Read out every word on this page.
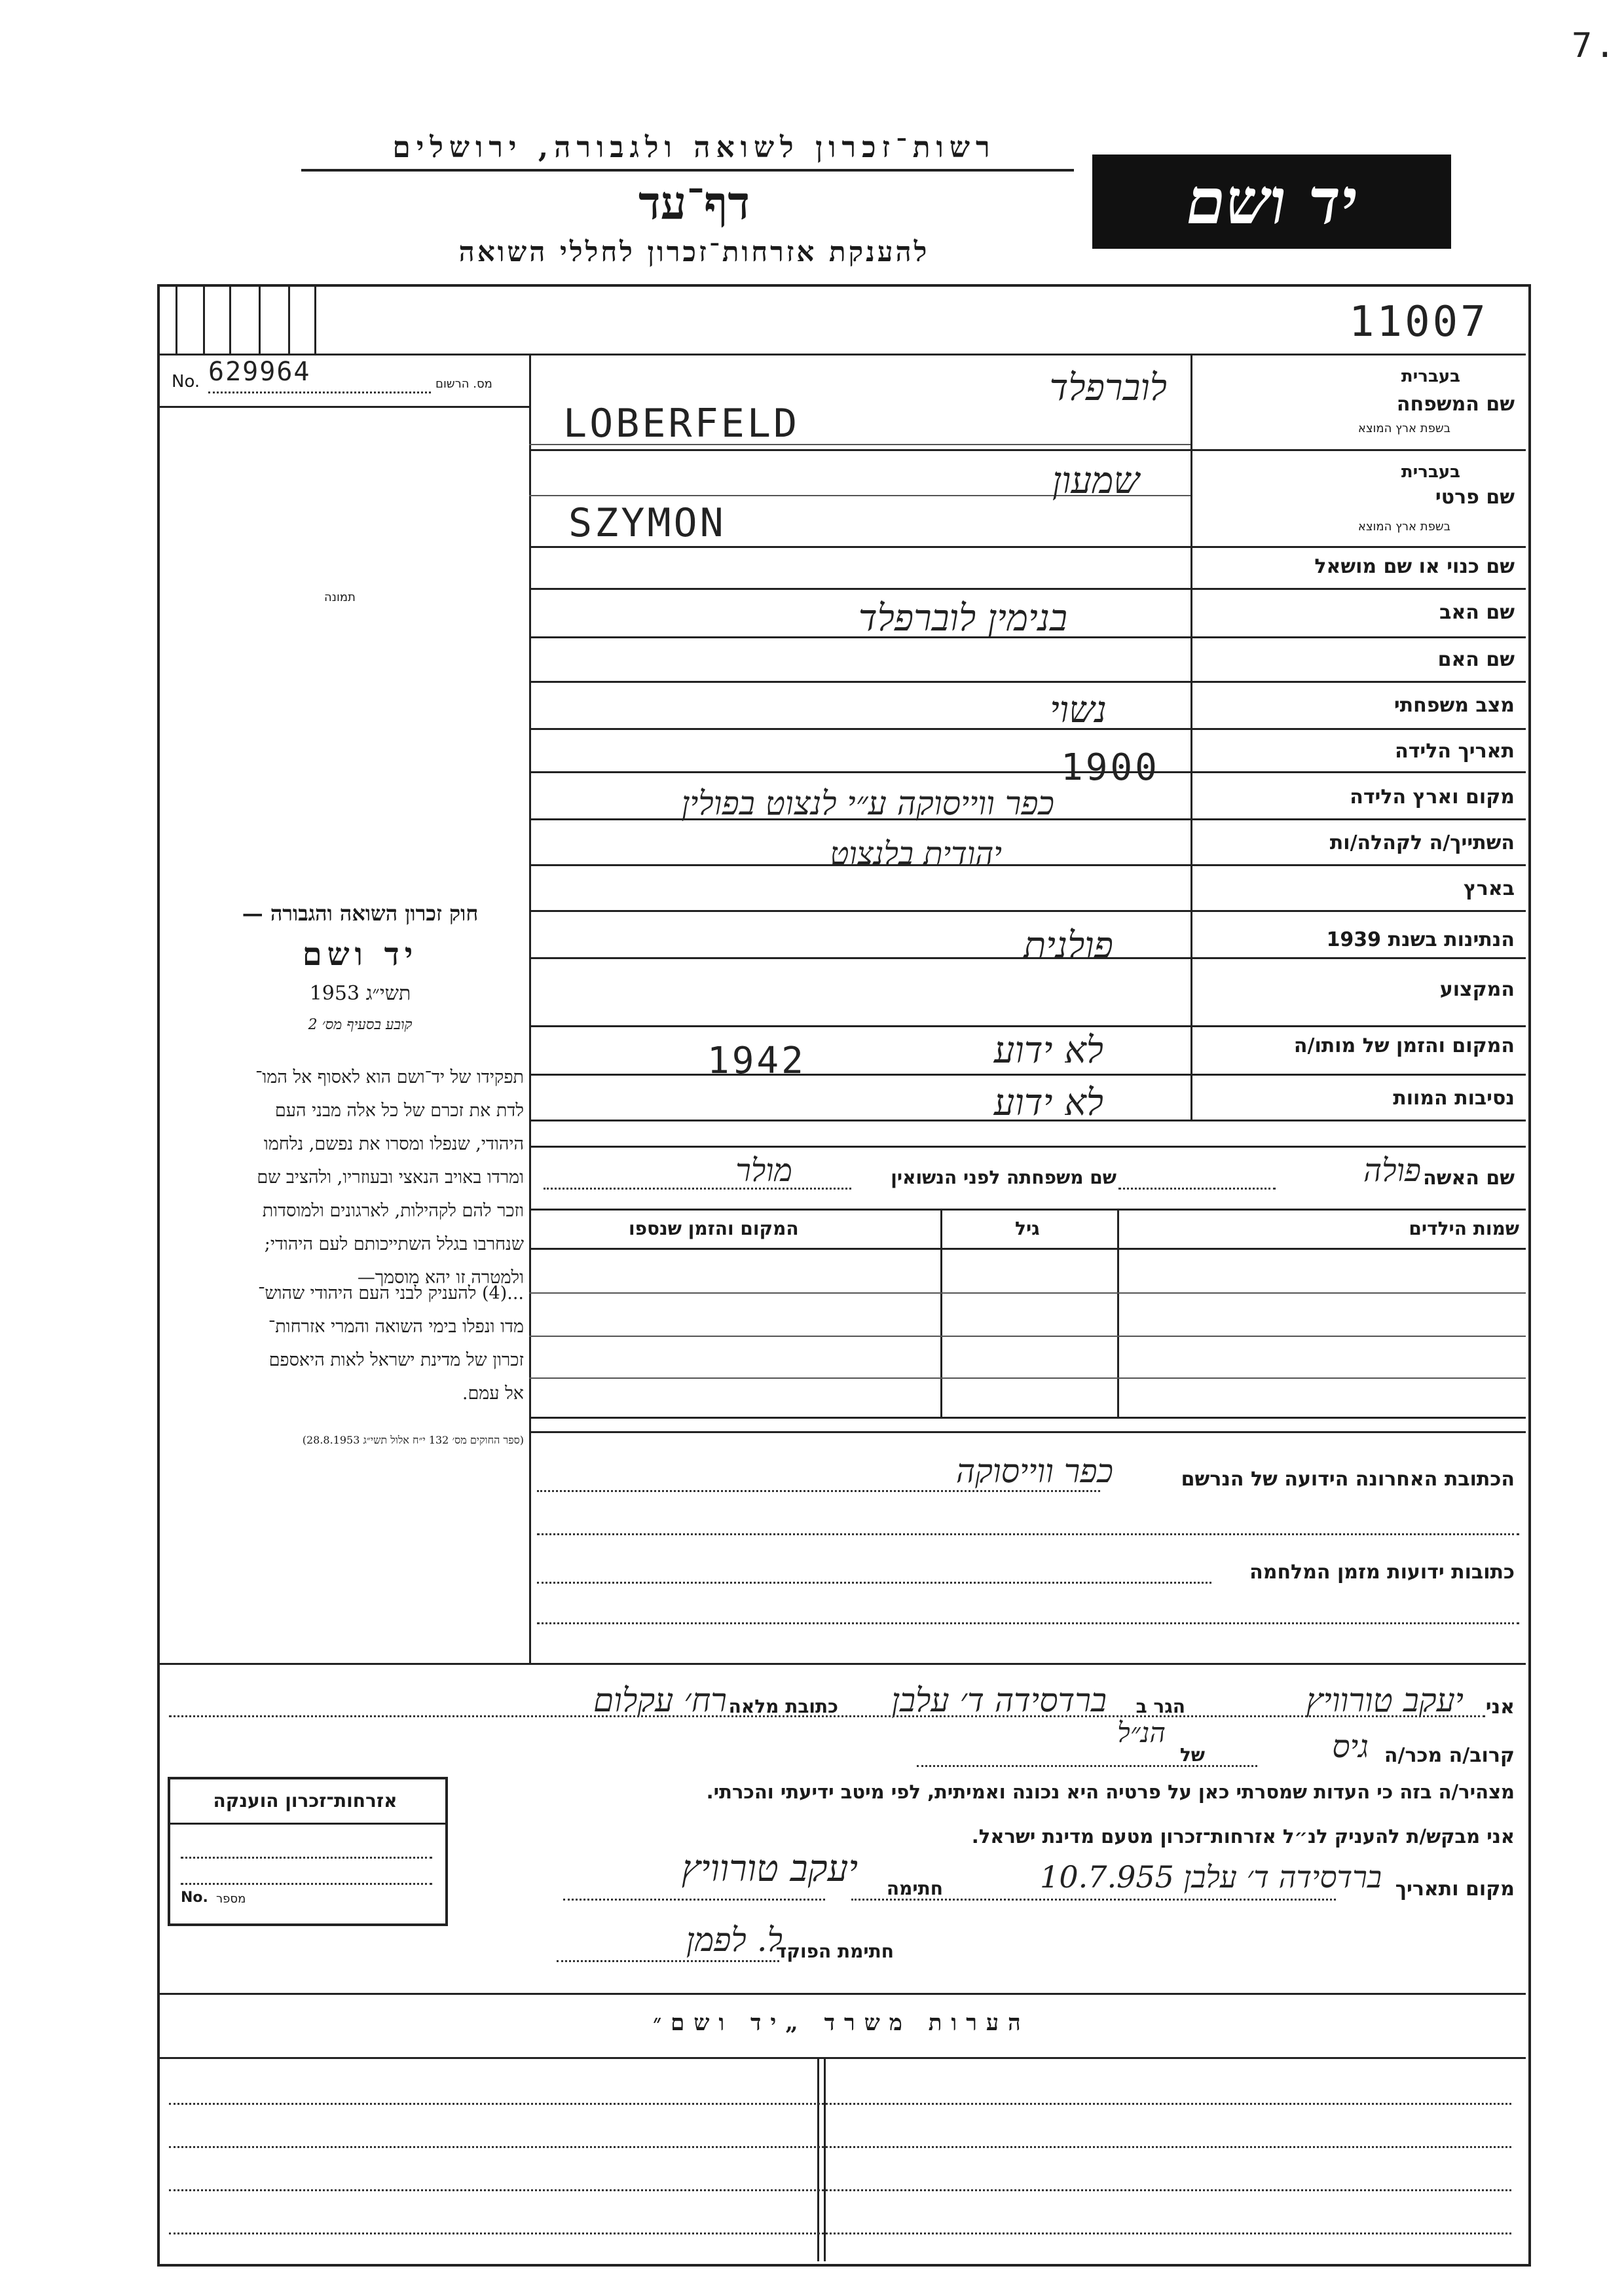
7.
רשות־זכרון לשואה ולגבורה, ירושלים
דף־עד
להענקת אזרחות־זכרון לחללי השואה
יד ושם
11007
No. 629964	מס. הרשום
תמונה
שם המשפחה
בעברית
בשפת ארץ המוצא
שם פרטי
בעברית
בשפת ארץ המוצא
שם כנוי או שם מושאל
שם האב
שם האם
מצב משפחתי
תאריך הלידה
מקום וארץ הלידה
השתייך/ה לקהלה/ות
בארץ
הנתינות בשנת 1939
המקצוע
המקום והזמן של מותו/ה
נסיבות המוות
לוברפלד
LOBERFELD
שמעון
SZYMON
בנימין לוברפלד
נשוי
1900
כפר ווייסוקה ע״י לנצוט בפולין
יהודית בלנצוט
פולנית
לא ידוע
1942
לא ידוע
שם האשה
פולה
שם משפחתה לפני הנשואין
מולר
שמות הילדים
גיל
המקום והזמן שנספו
הכתובת האחרונה הידועה של הנרשם
כפר ווייסוקה
כתובות ידועות מזמן המלחמה
חוק זכרון השואה והגבורה —
יד ושם
תשי״ג 1953
קובע בסעיף מס׳ 2
תפקידו של יד־ושם הוא לאסוף אל המו־
לדת את זכרם של כל אלה מבני העם
היהודי, שנפלו ומסרו את נפשם, נלחמו
ומרדו באויב הנאצי ובעוזריו, ולהציב שם
וזכר להם לקהילות, לארגונים ולמוסדות
שנחרבו בגלל השתייכותם לעם היהודי;
ולמטרה זו יהא מוסמך—
...(4) להעניק לבני העם היהודי שהוש־
מדו ונפלו בימי השואה והמרי אזרחות־
זכרון של מדינת ישראל לאות היאספם
אל עמם.
(ספר החוקים מס׳ 132 י״ח אלול תשי״ג 28.8.1953)
אני
יעקב טורוויץ
הגר ב
ברדסידה ד׳ עלבן
כתובת מלאה
רח׳ עקלום
קרוב/ה מכר/ה
גיס
של
הנ״ל
מצהיר/ה בזה כי העדות שמסרתי כאן על פרטיה היא נכונה ואמיתית, לפי מיטב ידיעתי והכרתי.
אני מבקש/ת להעניק לנ״ל אזרחות־זכרון מטעם מדינת ישראל.
מקום ותאריך
ברדסידה ד׳ עלבן 10.7.955
חתימה
יעקב טורוויץ
חתימת הפוקד
ל. לפמן
אזרחות־זכרון הוענקה
No. מספר
הערות משרד „יד ושם״
